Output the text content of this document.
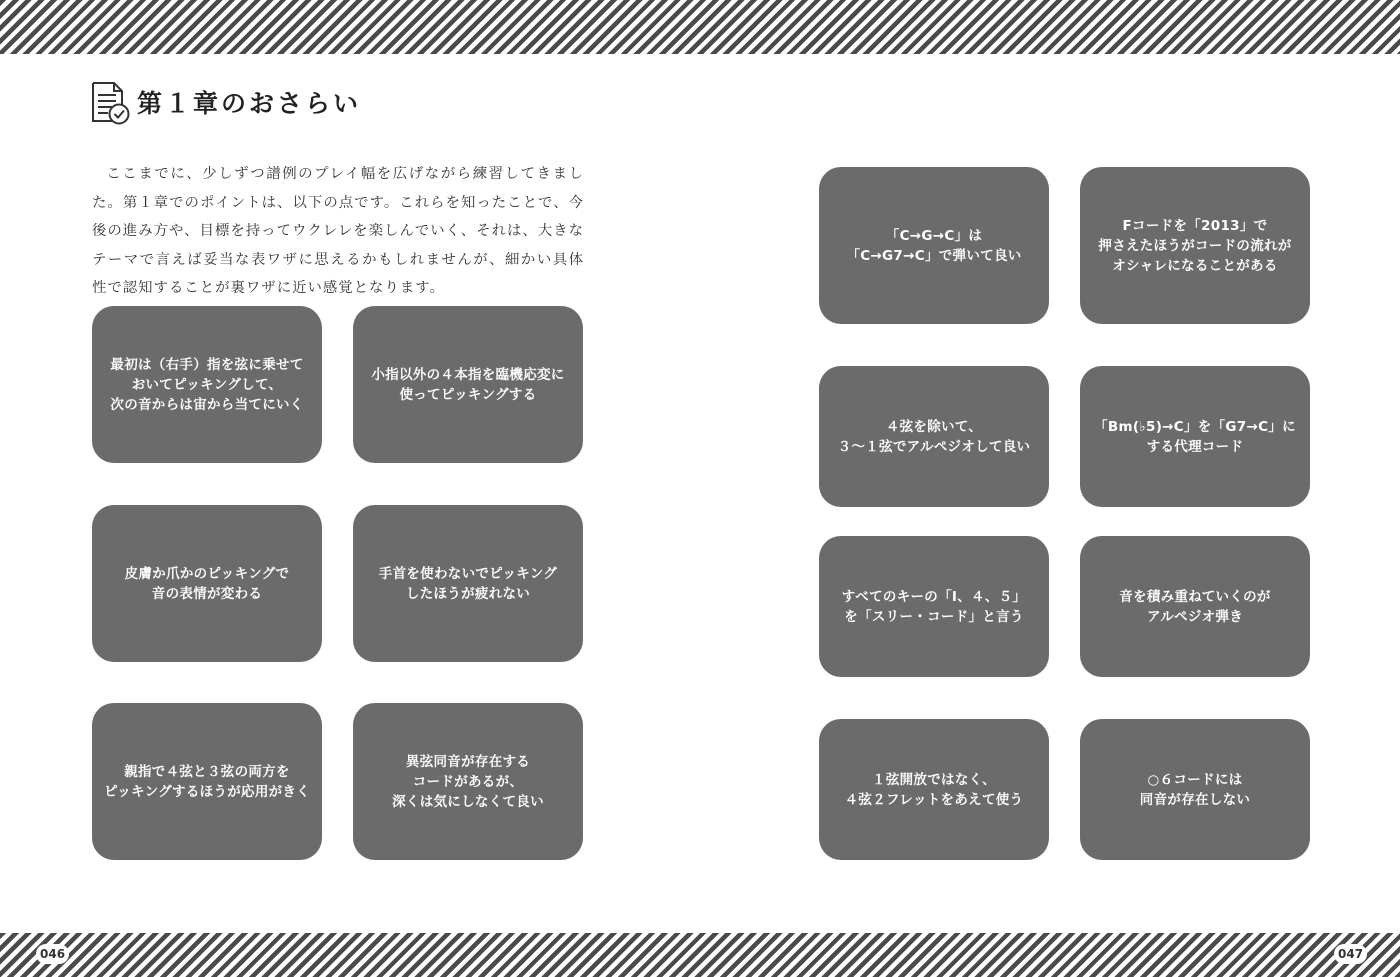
第１章のおさらい

ここまでに、少しずつ譜例のプレイ幅を広げながら練習してきました。第１章でのポイントは、以下の点です。これらを知ったことで、今後の進み方や、目標を持ってウクレレを楽しんでいく、それは、大きなテーマで言えば妥当な表ワザに思えるかもしれませんが、細かい具体性で認知することが裏ワザに近い感覚となります。

最初は（右手）指を弦に乗せて
おいてピッキングして、
次の音からは宙から当てにいく
小指以外の４本指を臨機応変に
使ってピッキングする
皮膚か爪かのピッキングで
音の表情が変わる
手首を使わないでピッキング
したほうが疲れない
親指で４弦と３弦の両方を
ピッキングするほうが応用がきく
異弦同音が存在する
コードがあるが、
深くは気にしなくて良い
「C→G→C」は
「C→G7→C」で弾いて良い
Fコードを「2013」で
押さえたほうがコードの流れが
オシャレになることがある
４弦を除いて、
３〜１弦でアルペジオして良い
「Bm(♭5)→C」を「G7→C」に
する代理コード
すべてのキーの「Ⅰ、４、５」
を「スリー・コード」と言う
音を積み重ねていくのが
アルペジオ弾き
１弦開放ではなく、
４弦２フレットをあえて使う
○６コードには
同音が存在しない
046	047
